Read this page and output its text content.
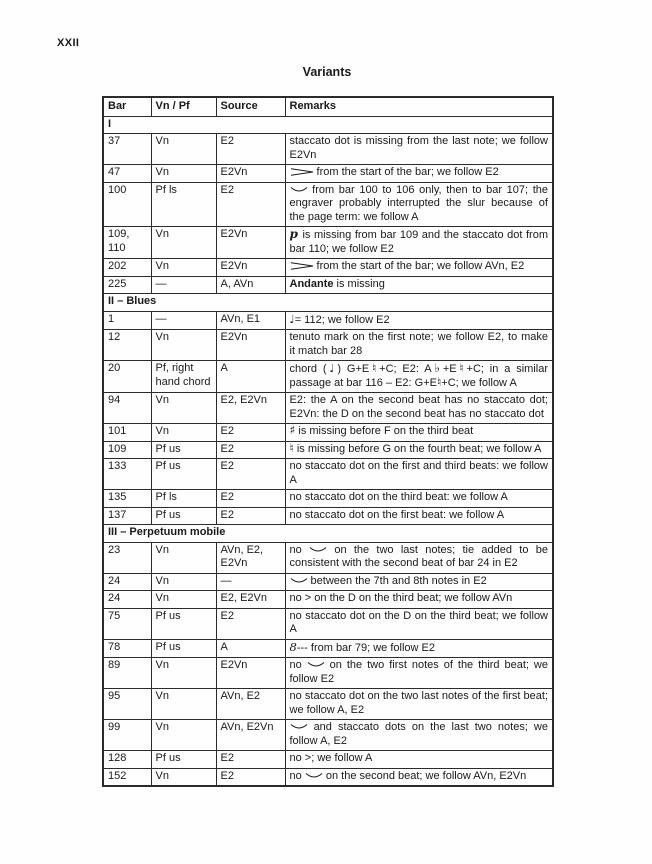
XXII
Variants
Bar	Vn / Pf	Source	Remarks
I			
37	Vn	E2	staccato dot is missing from the last note; we follow E2Vn
47	Vn	E2Vn	from the start of the bar; we follow E2
100	Pf ls	E2	from bar 100 to 106 only, then to bar 107; the engraver probably interrupted the slur because of the page term: we follow A
109, 110	Vn	E2Vn	p is missing from bar 109 and the staccato dot from bar 110; we follow E2
202	Vn	E2Vn	from the start of the bar; we follow AVn, E2
225	—	A, AVn	Andante is missing
II – Blues			
1	—	AVn, E1	♩= 112; we follow E2
12	Vn	E2Vn	tenuto mark on the first note; we follow E2, to make it match bar 28
20	Pf, right hand chord	A	chord (♩) G+E♮+C; E2: A♭+E♮+C; in a similar passage at bar 116 – E2: G+E♮+C; we follow A
94	Vn	E2, E2Vn	E2: the A on the second beat has no staccato dot; E2Vn: the D on the second beat has no staccato dot
101	Vn	E2	♯ is missing before F on the third beat
109	Pf us	E2	♮ is missing before G on the fourth beat; we follow A
133	Pf us	E2	no staccato dot on the first and third beats: we follow A
135	Pf ls	E2	no staccato dot on the third beat: we follow A
137	Pf us	E2	no staccato dot on the first beat: we follow A
III – Perpetuum mobile			
23	Vn	AVn, E2, E2Vn	no  on the two last notes; tie added to be consistent with the second beat of bar 24 in E2
24	Vn	—	between the 7th and 8th notes in E2
24	Vn	E2, E2Vn	no > on the D on the third beat; we follow AVn
75	Pf us	E2	no staccato dot on the D on the third beat; we follow A
78	Pf us	A	8--- from bar 79; we follow E2
89	Vn	E2Vn	no  on the two first notes of the third beat; we follow E2
95	Vn	AVn, E2	no staccato dot on the two last notes of the first beat; we follow A, E2
99	Vn	AVn, E2Vn	and staccato dots on the last two notes; we follow A, E2
128	Pf us	E2	no >; we follow A
152	Vn	E2	no  on the second beat; we follow AVn, E2Vn
